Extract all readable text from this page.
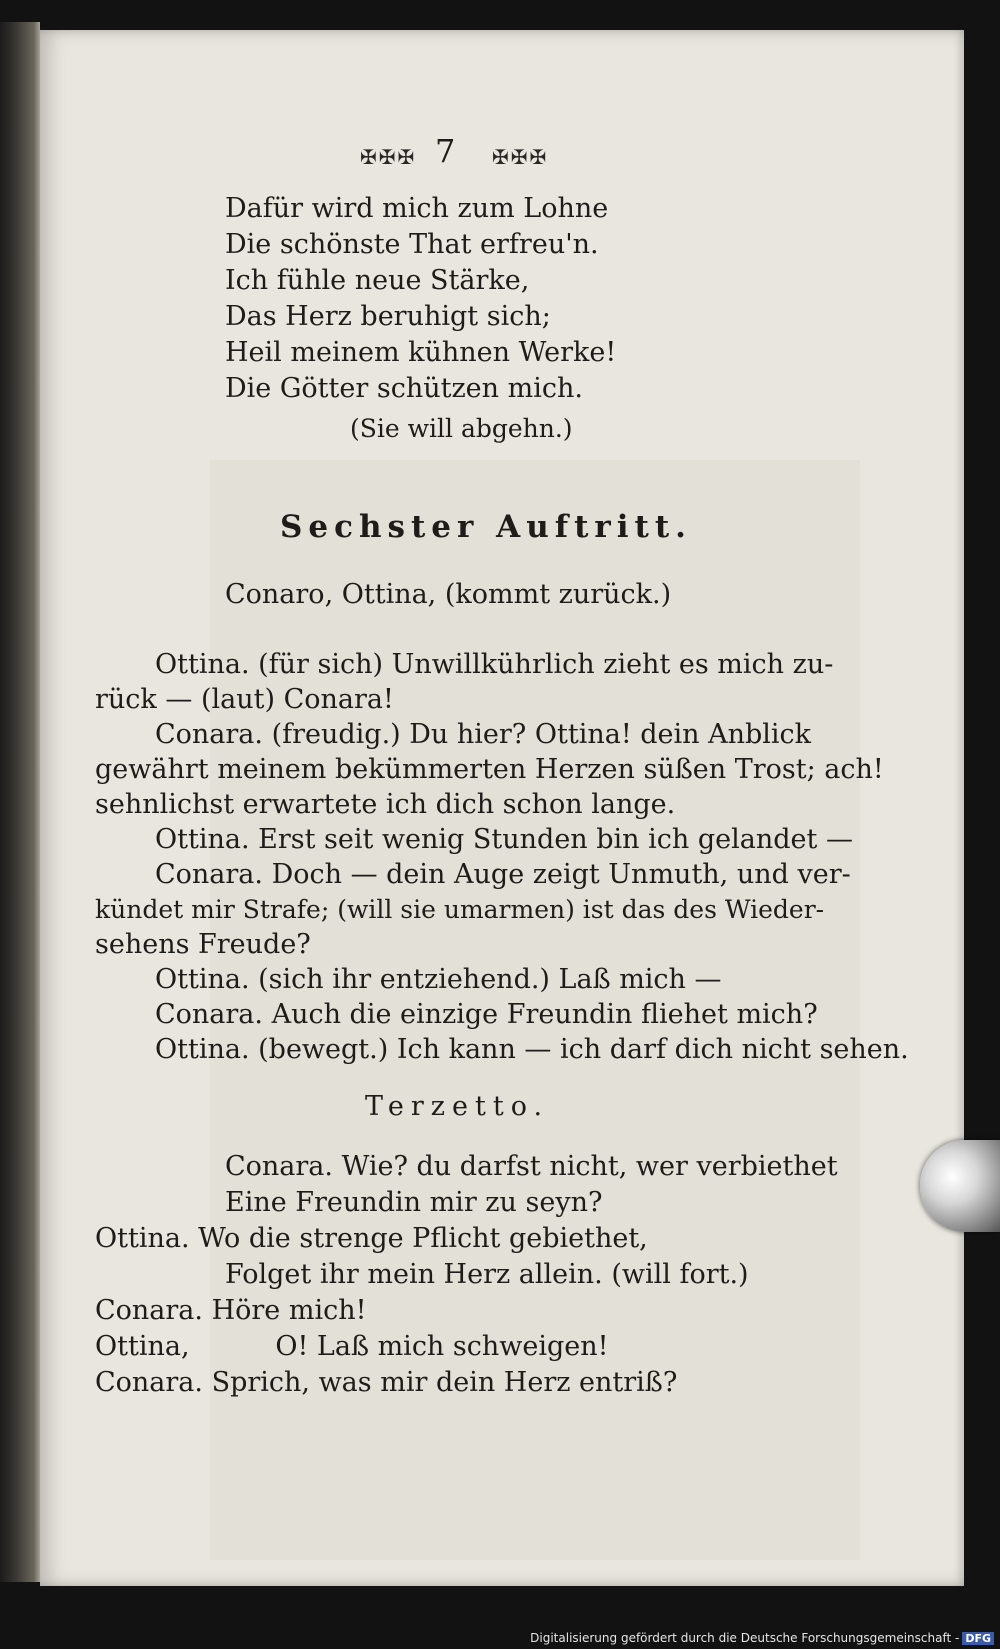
✠✠✠ 7 ✠✠✠

Dafür wird mich zum Lohne

Die schönste That erfreu'n.

Ich fühle neue Stärke,

Das Herz beruhigt sich;

Heil meinem kühnen Werke!

Die Götter schützen mich.

(Sie will abgehn.)

Sechster Auftritt.

Conaro, Ottina, (kommt zurück.)

Ottina. (für sich) Unwillkührlich zieht es mich zu-

rück — (laut) Conara!

Conara. (freudig.) Du hier? Ottina! dein Anblick

gewährt meinem bekümmerten Herzen süßen Trost; ach!

sehnlichst erwartete ich dich schon lange.

Ottina. Erst seit wenig Stunden bin ich gelandet —

Conara. Doch — dein Auge zeigt Unmuth, und ver-

kündet mir Strafe; (will sie umarmen) ist das des Wieder-

sehens Freude?

Ottina. (sich ihr entziehend.) Laß mich —

Conara. Auch die einzige Freundin fliehet mich?

Ottina. (bewegt.) Ich kann — ich darf dich nicht sehen.

Terzetto.

Conara. Wie? du darfst nicht, wer verbiethet

Eine Freundin mir zu seyn?

Ottina. Wo die strenge Pflicht gebiethet,

Folget ihr mein Herz allein. (will fort.)

Conara. Höre mich!

Ottina,          O! Laß mich schweigen!

Conara. Sprich, was mir dein Herz entriß?

Digitalisierung gefördert durch die Deutsche Forschungsgemeinschaft - DFG
